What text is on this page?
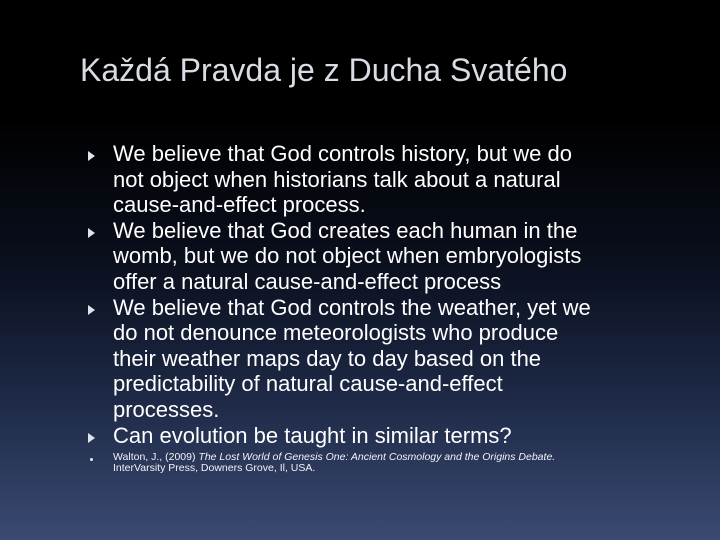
Každá Pravda je z Ducha Svatého
We believe that God controls history, but we do
not object when historians talk about a natural
cause-and-effect process.
We believe that God creates each human in the
womb, but we do not object when embryologists
offer a natural cause-and-effect process
We believe that God controls the weather, yet we
do not denounce meteorologists who produce
their weather maps day to day based on the
predictability of natural cause-and-effect
processes.
Can evolution be taught in similar terms?
Walton, J., (2009) The Lost World of Genesis One: Ancient Cosmology and the Origins Debate.
InterVarsity Press, Downers Grove, Il, USA.
